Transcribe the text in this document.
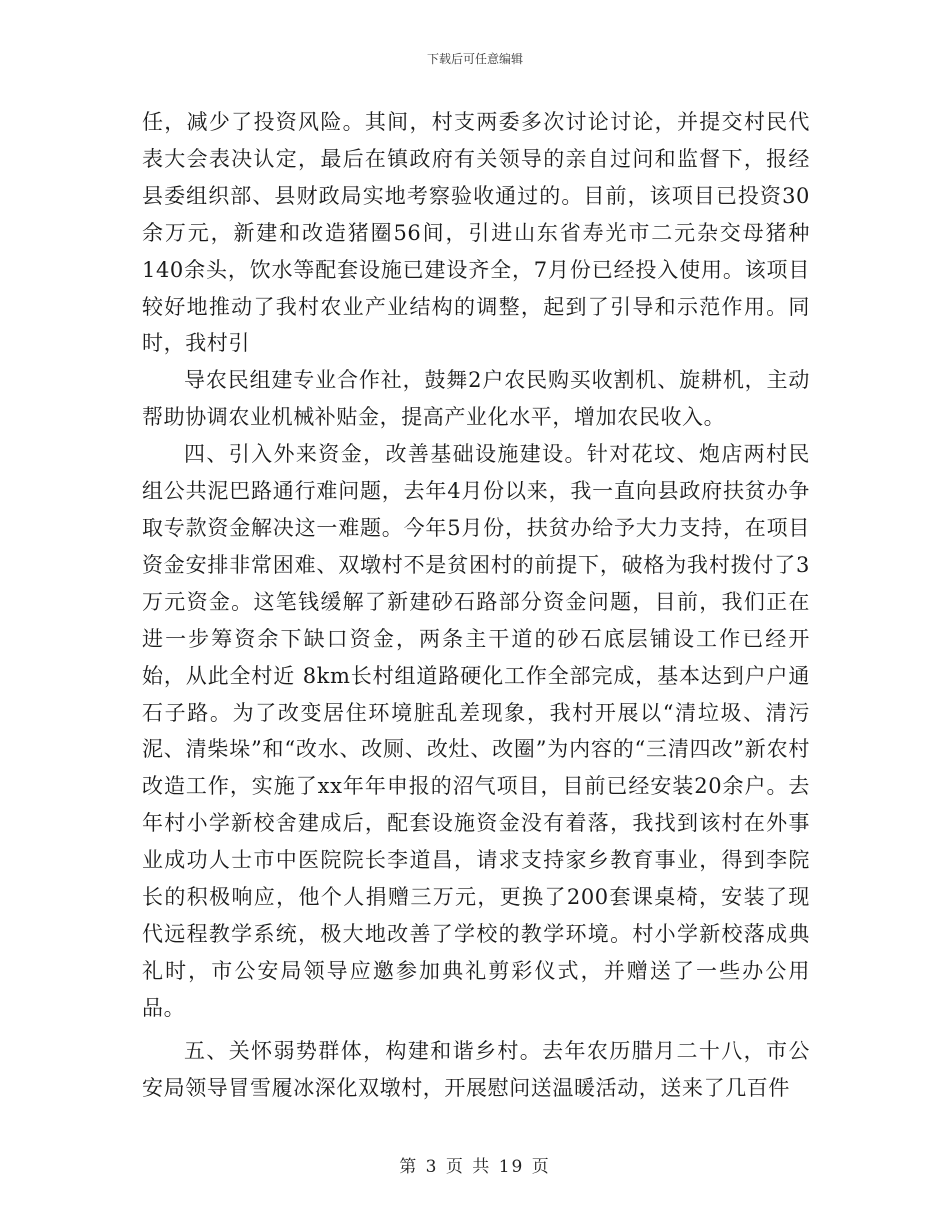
下载后可任意编辑

任，减少了投资风险。其间，村支两委多次讨论讨论，并提交村民代表大会表决认定，最后在镇政府有关领导的亲自过问和监督下，报经县委组织部、县财政局实地考察验收通过的。目前，该项目已投资30余万元，新建和改造猪圈56间，引进山东省寿光市二元杂交母猪种140余头，饮水等配套设施已建设齐全，7月份已经投入使用。该项目较好地推动了我村农业产业结构的调整，起到了引导和示范作用。同时，我村引

导农民组建专业合作社，鼓舞2户农民购买收割机、旋耕机，主动帮助协调农业机械补贴金，提高产业化水平，增加农民收入。

四、引入外来资金，改善基础设施建设。针对花坟、炮店两村民组公共泥巴路通行难问题，去年4月份以来，我一直向县政府扶贫办争取专款资金解决这一难题。今年5月份，扶贫办给予大力支持，在项目资金安排非常困难、双墩村不是贫困村的前提下，破格为我村拨付了3万元资金。这笔钱缓解了新建砂石路部分资金问题，目前，我们正在进一步筹资余下缺口资金，两条主干道的砂石底层铺设工作已经开始，从此全村近 8km长村组道路硬化工作全部完成，基本达到户户通石子路。为了改变居住环境脏乱差现象，我村开展以“清垃圾、清污泥、清柴垛”和“改水、改厕、改灶、改圈”为内容的“三清四改”新农村改造工作，实施了xx年年申报的沼气项目，目前已经安装20余户。去年村小学新校舍建成后，配套设施资金没有着落，我找到该村在外事业成功人士市中医院院长李道昌，请求支持家乡教育事业，得到李院长的积极响应，他个人捐赠三万元，更换了200套课桌椅，安装了现代远程教学系统，极大地改善了学校的教学环境。村小学新校落成典礼时，市公安局领导应邀参加典礼剪彩仪式，并赠送了一些办公用品。

五、关怀弱势群体，构建和谐乡村。去年农历腊月二十八，市公安局领导冒雪履冰深化双墩村，开展慰问送温暖活动，送来了几百件

第 3 页 共 19 页
